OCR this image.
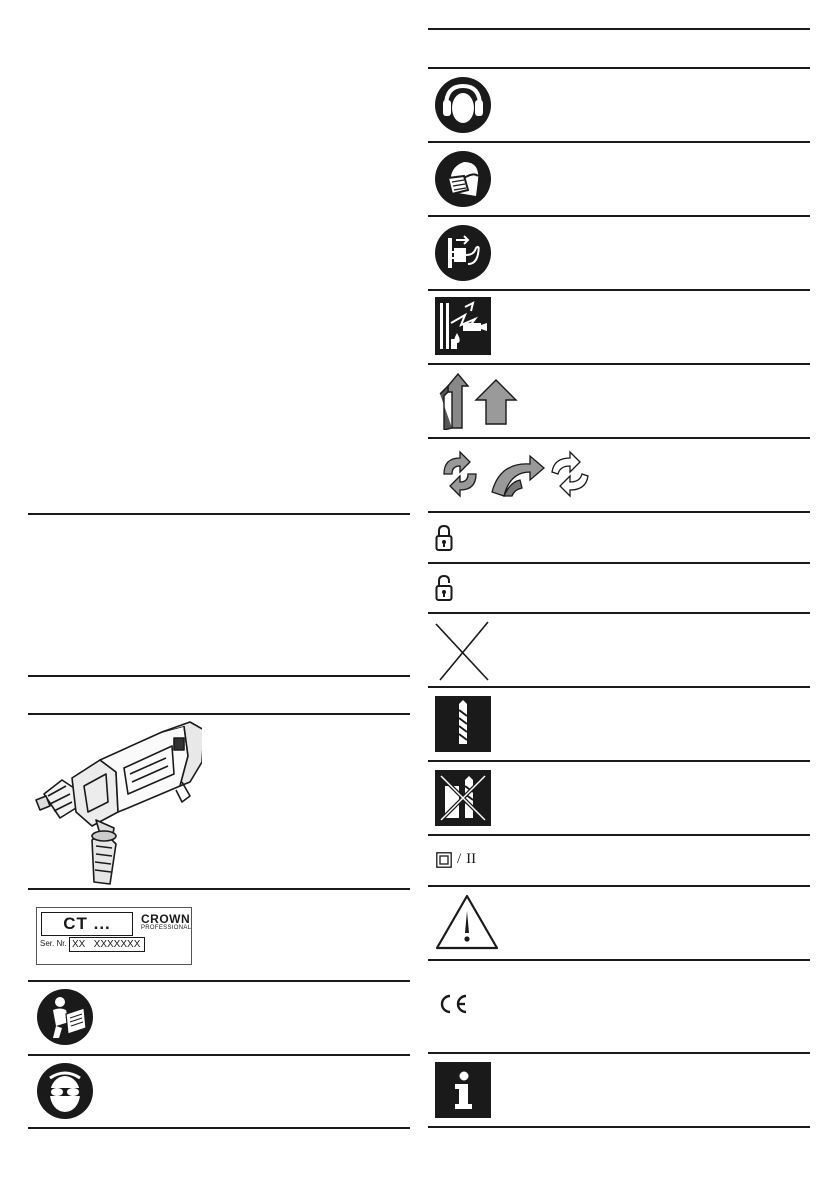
CT ...	CROWN
PROFESSIONAL
Ser. Nr. XX   XXXXXXX
/ II
